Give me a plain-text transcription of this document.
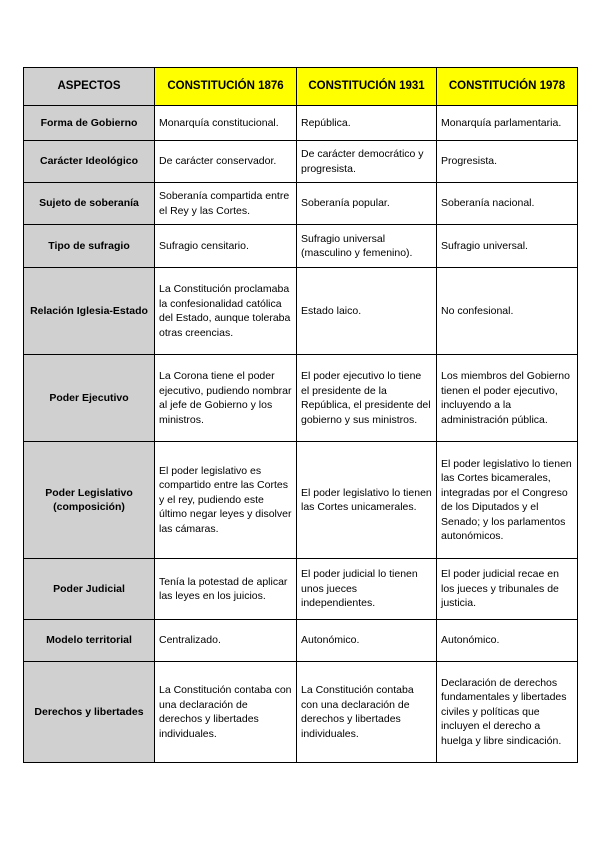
ASPECTOS	CONSTITUCIÓN 1876	CONSTITUCIÓN 1931	CONSTITUCIÓN 1978
Forma de Gobierno	Monarquía constitucional.	República.	Monarquía parlamentaria.
Carácter Ideológico	De carácter conservador.	De carácter democrático y progresista.	Progresista.
Sujeto de soberanía	Soberanía compartida entre el Rey y las Cortes.	Soberanía popular.	Soberanía nacional.
Tipo de sufragio	Sufragio censitario.	Sufragio universal (masculino y femenino).	Sufragio universal.
Relación Iglesia-Estado	La Constitución proclamaba la confesionalidad católica del Estado, aunque toleraba otras creencias.	Estado laico.	No confesional.
Poder Ejecutivo	La Corona tiene el poder ejecutivo, pudiendo nombrar al jefe de Gobierno y los ministros.	El poder ejecutivo lo tiene el presidente de la República, el presidente del gobierno y sus ministros.	Los miembros del Gobierno tienen el poder ejecutivo, incluyendo a la administración pública.
Poder Legislativo (composición)	El poder legislativo es compartido entre las Cortes y el rey, pudiendo este último negar leyes y disolver las cámaras.	El poder legislativo lo tienen las Cortes unicamerales.	El poder legislativo lo tienen las Cortes bicamerales, integradas por el Congreso de los Diputados y el Senado; y los parlamentos autonómicos.
Poder Judicial	Tenía la potestad de aplicar las leyes en los juicios.	El poder judicial lo tienen unos jueces independientes.	El poder judicial recae en los jueces y tribunales de justicia.
Modelo territorial	Centralizado.	Autonómico.	Autonómico.
Derechos y libertades	La Constitución contaba con una declaración de derechos y libertades individuales.	La Constitución contaba con una declaración de derechos y libertades individuales.	Declaración de derechos fundamentales y libertades civiles y políticas que incluyen el derecho a huelga y libre sindicación.
